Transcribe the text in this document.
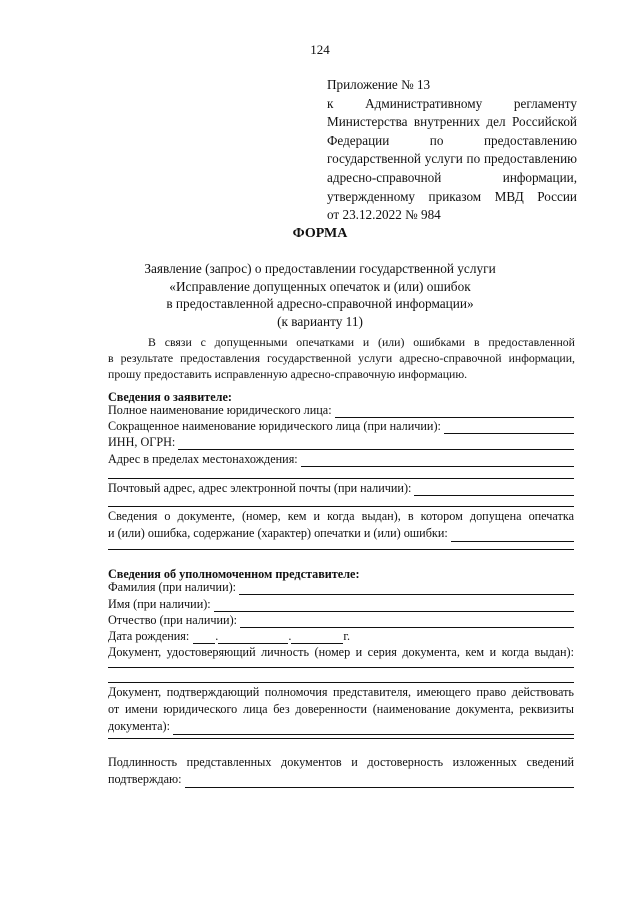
124
Приложение № 13
к Административному регламенту
Министерства внутренних дел Российской
Федерации по предоставлению
государственной услуги по предоставлению
адресно-справочной информации,
утвержденному приказом МВД России
от 23.12.2022 № 984
ФОРМА
Заявление (запрос) о предоставлении государственной услуги
«Исправление допущенных опечаток и (или) ошибок
в предоставленной адресно-справочной информации»
(к варианту 11)
В связи с допущенными опечатками и (или) ошибками в предоставленной
в результате предоставления государственной услуги адресно-справочной информации,
прошу предоставить исправленную адресно-справочную информацию.
Сведения о заявителе:
Полное наименование юридического лица:
Сокращенное наименование юридического лица (при наличии):
ИНН, ОГРН:
Адрес в пределах местонахождения:
Почтовый адрес, адрес электронной почты (при наличии):
Сведения о документе, (номер, кем и когда выдан), в котором допущена опечатка
и (или) ошибка, содержание (характер) опечатки и (или) ошибки:
Сведения об уполномоченном представителе:
Фамилия (при наличии):
Имя (при наличии):
Отчество (при наличии):
Дата рождения: .	.	г.
Документ, удостоверяющий личность (номер и серия документа, кем и когда выдан):
Документ, подтверждающий полномочия представителя, имеющего право действовать
от имени юридического лица без доверенности (наименование документа, реквизиты
документа):
Подлинность представленных документов и достоверность изложенных сведений
подтверждаю:
